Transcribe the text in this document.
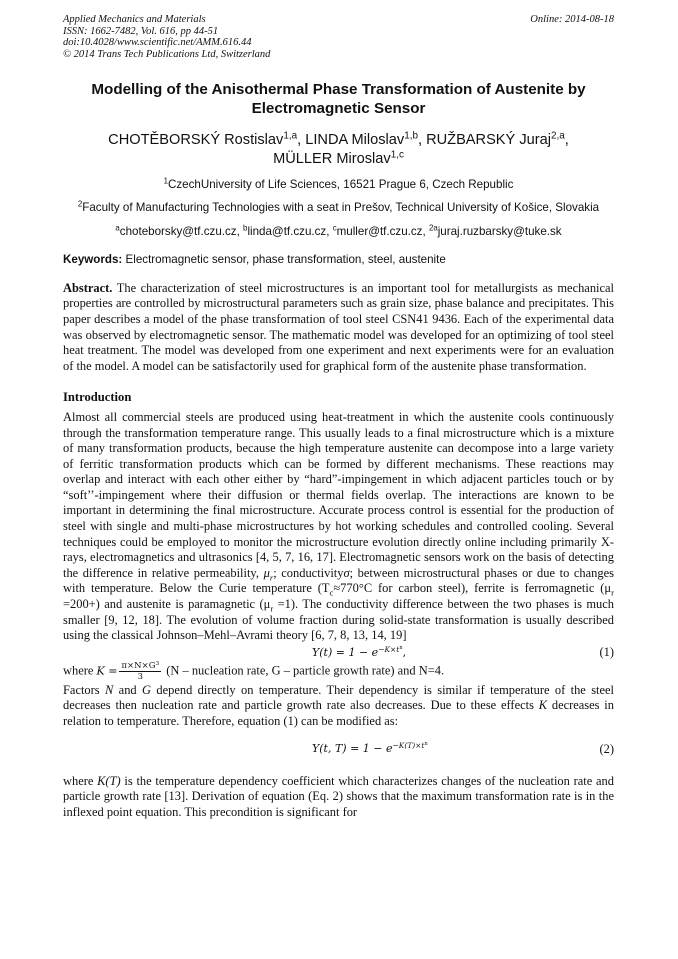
Applied Mechanics and Materials
ISSN: 1662-7482, Vol. 616, pp 44-51
doi:10.4028/www.scientific.net/AMM.616.44
© 2014 Trans Tech Publications Ltd, Switzerland
Online: 2014-08-18
Modelling of the Anisothermal Phase Transformation of Austenite by Electromagnetic Sensor
CHOTĚBORSKÝ Rostislav$^{1,a}$, LINDA Miloslav$^{1,b}$, RUŽBARSKÝ Juraj$^{2,a}$,
MÜLLER Miroslav$^{1,c}$
$^1$CzechUniversity of Life Sciences, 16521 Prague 6, Czech Republic
$^2$Faculty of Manufacturing Technologies with a seat in Prešov, Technical University of Košice, Slovakia
$^a$choteborsky@tf.czu.cz, $^b$linda@tf.czu.cz, $^c$muller@tf.czu.cz, $^{2a}$juraj.ruzbarsky@tuke.sk
Keywords: Electromagnetic sensor, phase transformation, steel, austenite

Abstract. The characterization of steel microstructures is an important tool for metallurgists as mechanical properties are controlled by microstructural parameters such as grain size, phase balance and precipitates. This paper describes a model of the phase transformation of tool steel CSN41 9436. Each of the experimental data was observed by electromagnetic sensor. The mathematic model was developed for an optimizing of tool steel heat treatment. The model was developed from one experiment and next experiments were for an evaluation of the model. A model can be satisfactorily used for graphical form of the austenite phase transformation.

Introduction

Almost all commercial steels are produced using heat-treatment in which the austenite cools continuously through the transformation temperature range. This usually leads to a final microstructure which is a mixture of many transformation products, because the high temperature austenite can decompose into a large variety of ferritic transformation products which can be formed by different mechanisms. These reactions may overlap and interact with each other either by “hard”-impingement in which adjacent particles touch or by “soft’’-impingement where their diffusion or thermal fields overlap. The interactions are known to be important in determining the final microstructure. Accurate process control is essential for the production of steel with single and multi-phase microstructures by hot working schedules and controlled cooling. Several techniques could be employed to monitor the microstructure evolution directly online including primarily X-rays, electromagnetics and ultrasonics [4, 5, 7, 16, 17]. Electromagnetic sensors work on the basis of detecting the difference in relative permeability, $\mu_r$; conductivityσ; between microstructural phases or due to changes with temperature. Below the Curie temperature ($T_c\approx 770^\circ C$ for carbon steel), ferrite is ferromagnetic $(\mu_r =200+)$ and austenite is paramagnetic $(\mu_r =1)$. The conductivity difference between the two phases is much smaller [9, 12, 18]. The evolution of volume fraction during solid-state transformation is usually described using the classical Johnson–Mehl–Avrami theory [6, 7, 8, 13, 14, 19]

$Y(t) = 1 - e^{-K\times t^n}$,	(1)
where $K = \frac{\pi\times N\times G^3}{3} (N$ – nucleation rate, G – particle growth rate) and N=4.

Factors N and G depend directly on temperature. Their dependency is similar if temperature of the steel decreases then nucleation rate and particle growth rate also decreases. Due to these effects K decreases in relation to temperature. Therefore, equation (1) can be modified as:

Y(t, $T) = 1 - e^{-K(T)\times t^n}$	(2)

where K(T) is the temperature dependency coefficient which characterizes changes of the nucleation rate and particle growth rate [13]. Derivation of equation (Eq. 2) shows that the maximum transformation rate is in the inflexed point equation. This precondition is significant for
